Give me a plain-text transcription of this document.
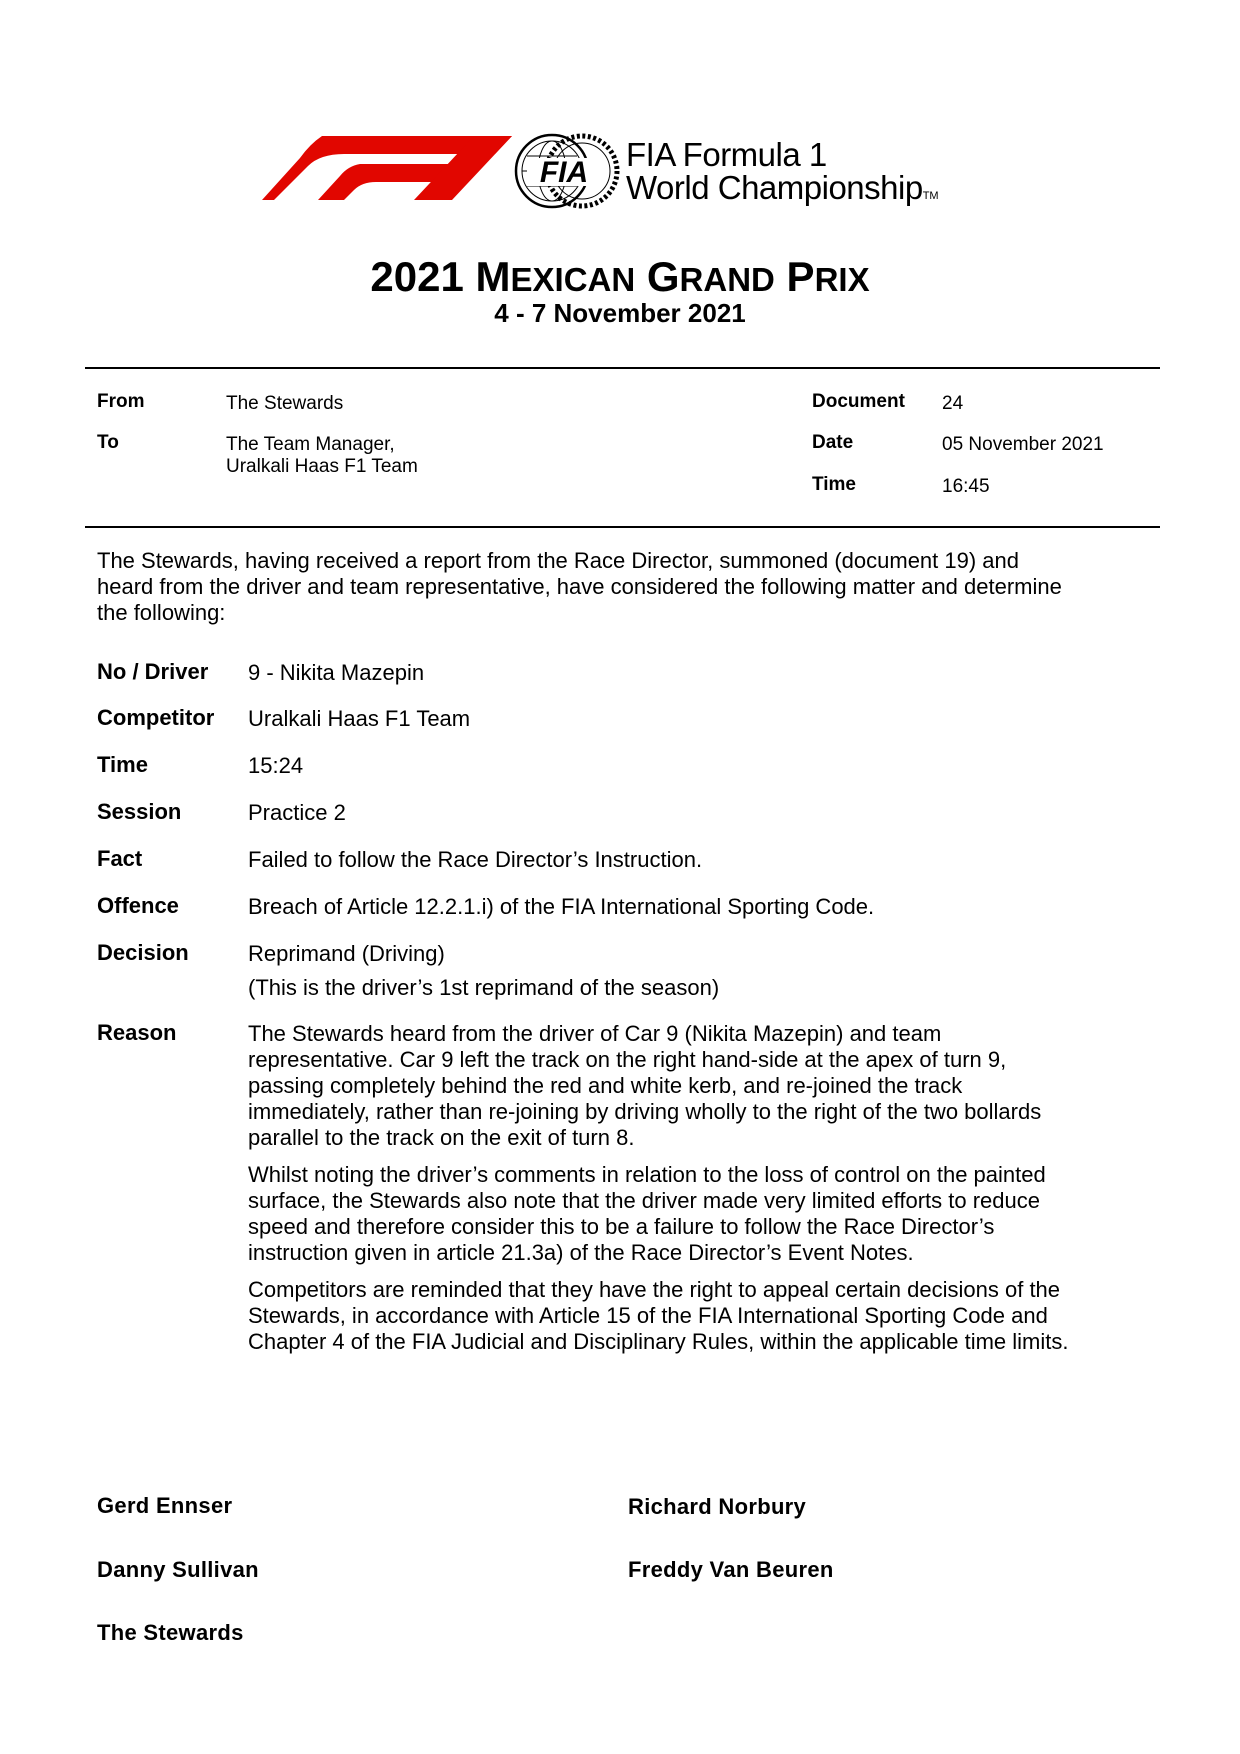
FIA FIA Formula 1
World ChampionshipTM
2021 MEXICAN GRAND PRIX
4 - 7 November 2021
From	The Stewards
To	The Team Manager,
Uralkali Haas F1 Team
Document 24
Date	05 November 2021
Time	16:45
The Stewards, having received a report from the Race Director, summoned (document 19) and
heard from the driver and team representative, have considered the following matter and determine
the following:
No / Driver 9 - Nikita Mazepin
Competitor Uralkali Haas F1 Team
Time	15:24
Session	Practice 2
Fact	Failed to follow the Race Director’s Instruction.
Offence	Breach of Article 12.2.1.i) of the FIA International Sporting Code.
Decision	Reprimand (Driving)
(This is the driver’s 1st reprimand of the season)
Reason	The Stewards heard from the driver of Car 9 (Nikita Mazepin) and team
representative. Car 9 left the track on the right hand-side at the apex of turn 9,
passing completely behind the red and white kerb, and re-joined the track
immediately, rather than re-joining by driving wholly to the right of the two bollards
parallel to the track on the exit of turn 8.
Whilst noting the driver’s comments in relation to the loss of control on the painted
surface, the Stewards also note that the driver made very limited efforts to reduce
speed and therefore consider this to be a failure to follow the Race Director’s
instruction given in article 21.3a) of the Race Director’s Event Notes.
Competitors are reminded that they have the right to appeal certain decisions of the
Stewards, in accordance with Article 15 of the FIA International Sporting Code and
Chapter 4 of the FIA Judicial and Disciplinary Rules, within the applicable time limits.
Gerd Ennser	Richard Norbury
Danny Sullivan	Freddy Van Beuren
The Stewards
